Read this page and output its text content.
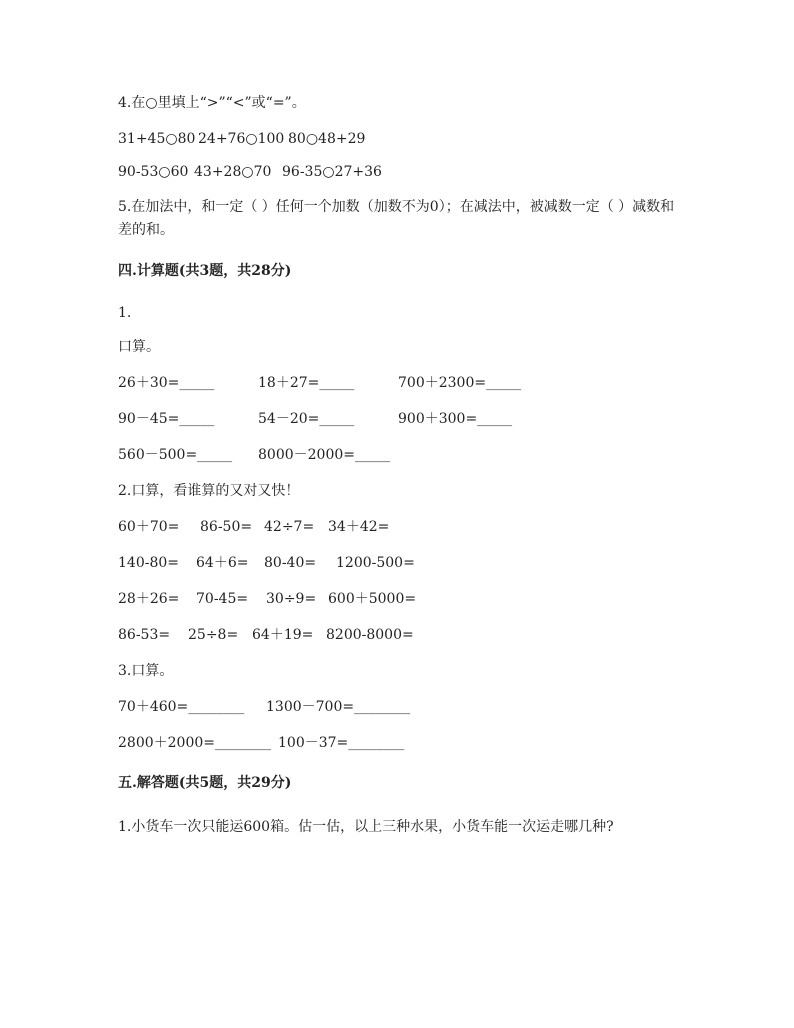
4.在○里填上“>”“<”或“=”。
31+45○80 24+76○100 80○48+29
90-53○60 43+28○70 96-35○27+36
5.在加法中，和一定（ ）任何一个加数（加数不为0）；在减法中，被减数一定（ ）减数和差的和。
四.计算题(共3题，共28分)
1.
口算。
26＋30=_____	18＋27=_____	700＋2300=_____
90－45=_____	54－20=_____	900＋300=_____
560－500=_____ 8000－2000=_____
2.口算，看谁算的又对又快！
60＋70= 86-50= 42÷7= 34＋42=
140-80= 64＋6= 80-40= 1200-500=
28＋26= 70-45= 30÷9= 600＋5000=
86-53= 25÷8= 64＋19= 8200-8000=
3.口算。
70＋460=________ 1300－700=________
2800＋2000=________ 100－37=________
五.解答题(共5题，共29分)
1.小货车一次只能运600箱。估一估，以上三种水果，小货车能一次运走哪几种?
